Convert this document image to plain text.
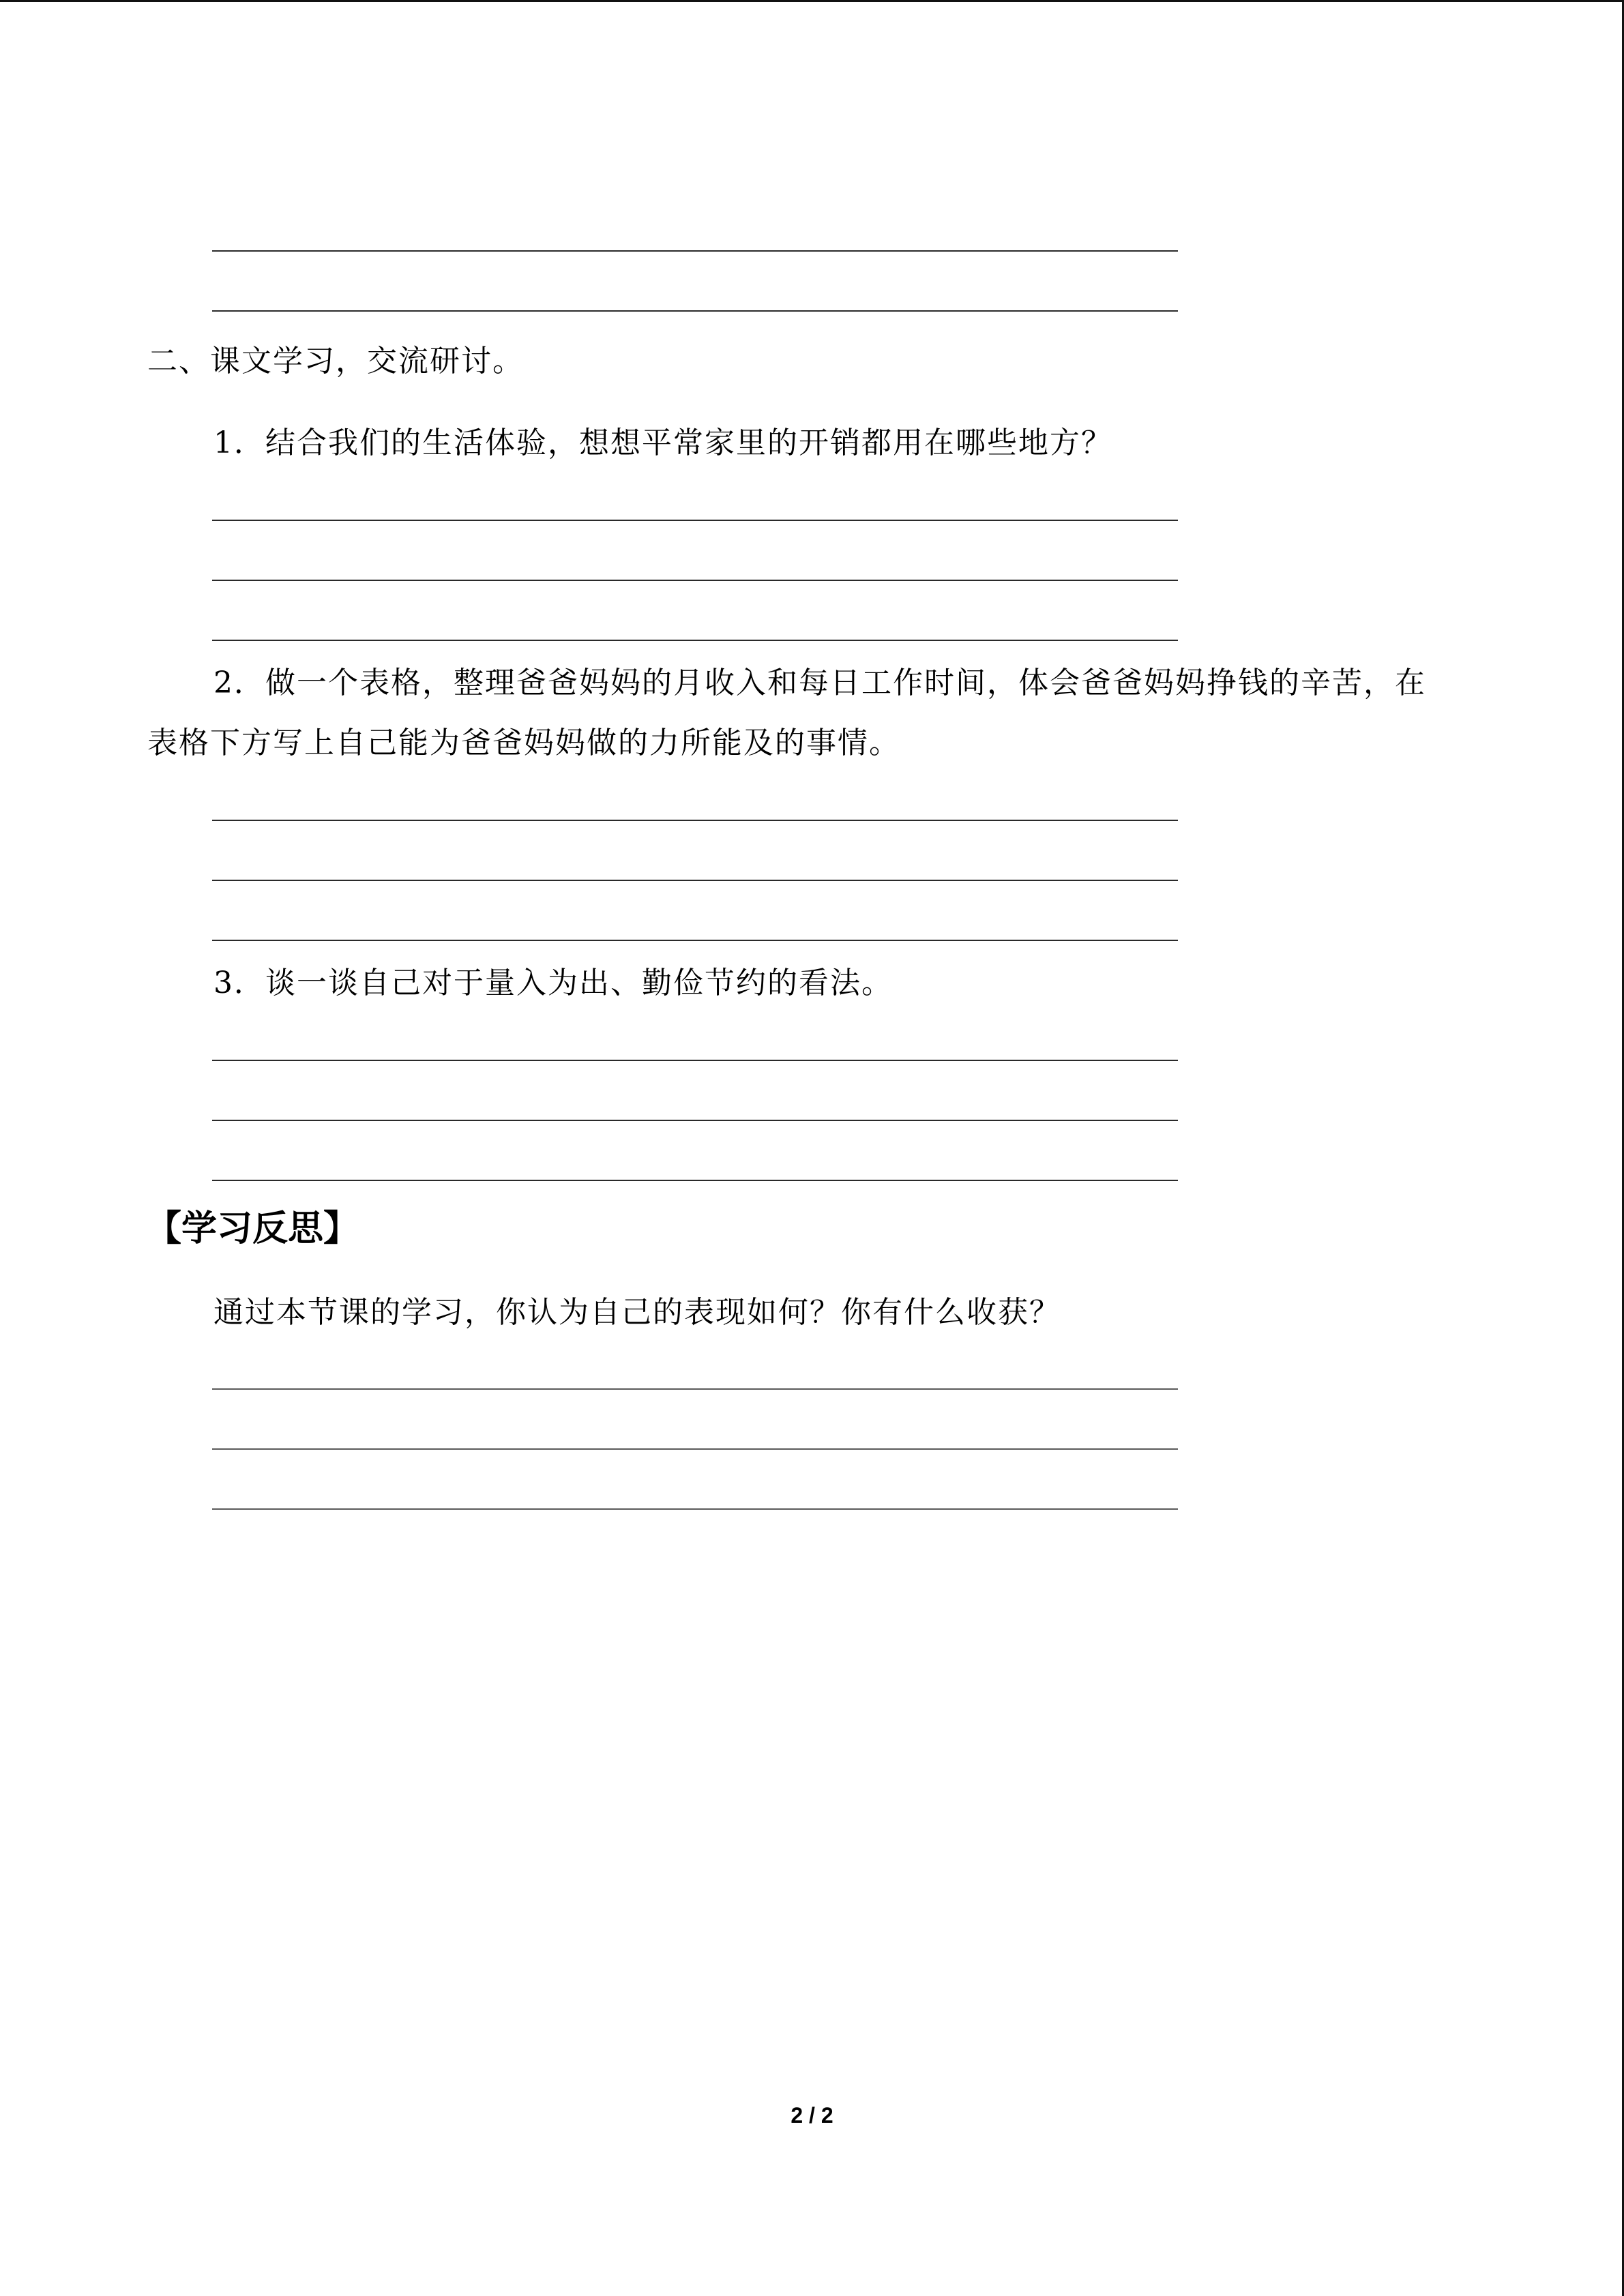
二、课文学习，交流研讨。
1．结合我们的生活体验，想想平常家里的开销都用在哪些地方？
2．做一个表格，整理爸爸妈妈的月收入和每日工作时间，体会爸爸妈妈挣钱的辛苦，在
表格下方写上自己能为爸爸妈妈做的力所能及的事情。
3．谈一谈自己对于量入为出、勤俭节约的看法。
【学习反思】
通过本节课的学习，你认为自己的表现如何？你有什么收获？
2 / 2
